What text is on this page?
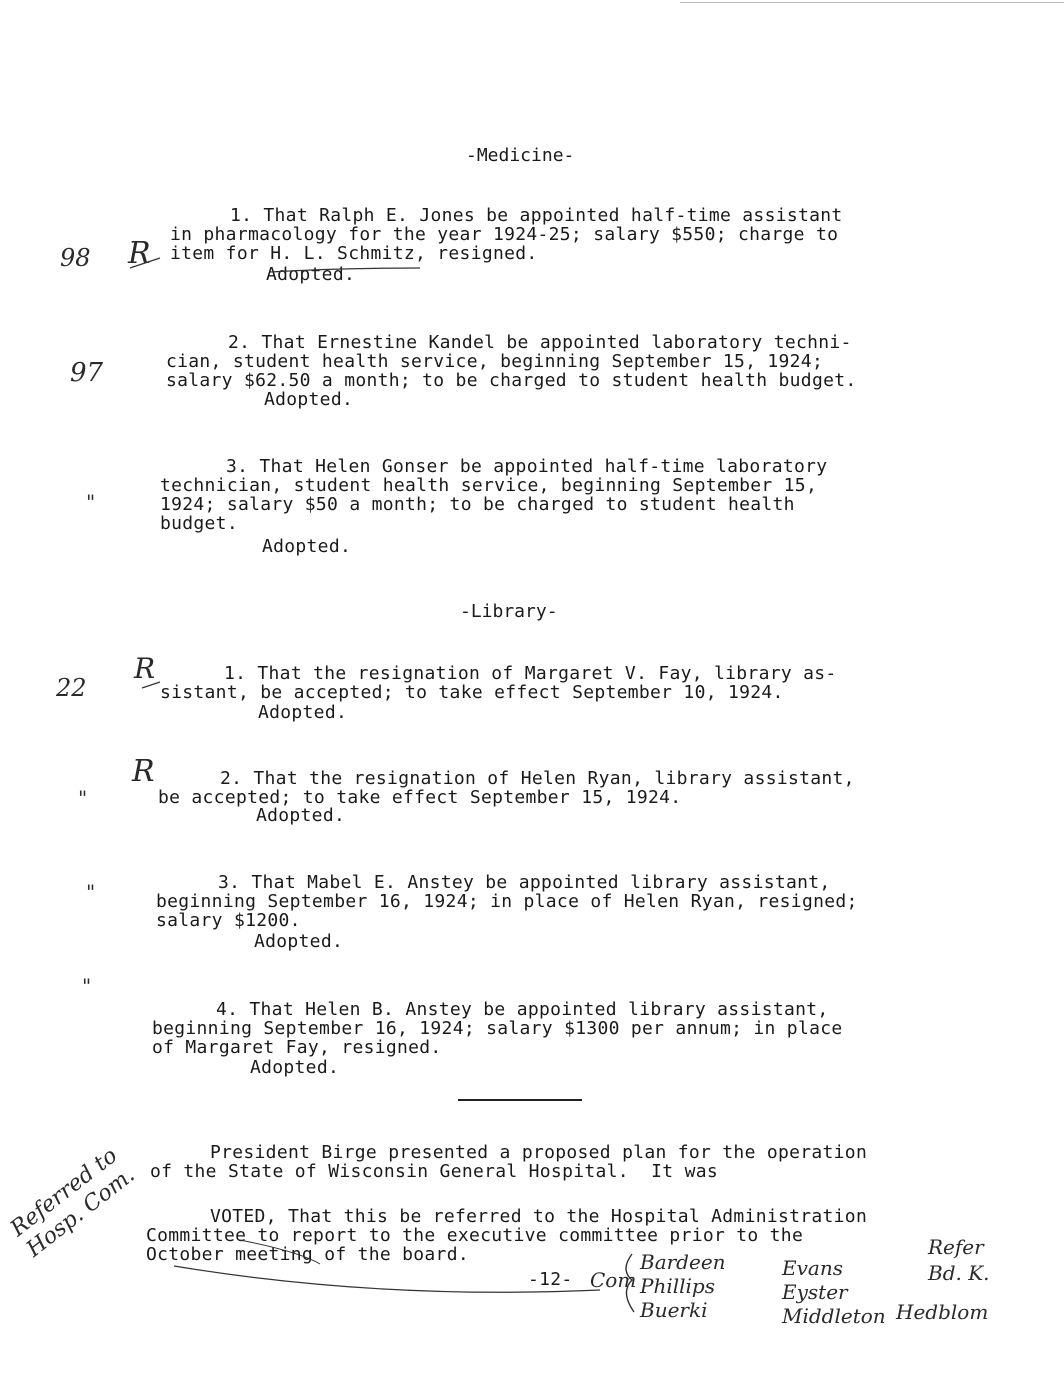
-Medicine-
1. That Ralph E. Jones be appointed half-time assistant
in pharmacology for the year 1924-25; salary $550; charge to
item for H. L. Schmitz, resigned.
Adopted.
2. That Ernestine Kandel be appointed laboratory techni-
cian, student health service, beginning September 15, 1924;
salary $62.50 a month; to be charged to student health budget.
Adopted.
3. That Helen Gonser be appointed half-time laboratory
technician, student health service, beginning September 15,
1924; salary $50 a month; to be charged to student health
budget.
Adopted.
-Library-
1. That the resignation of Margaret V. Fay, library as-
sistant, be accepted; to take effect September 10, 1924.
Adopted.
2. That the resignation of Helen Ryan, library assistant,
be accepted; to take effect September 15, 1924.
Adopted.
3. That Mabel E. Anstey be appointed library assistant,
beginning September 16, 1924; in place of Helen Ryan, resigned;
salary $1200.
Adopted.
4. That Helen B. Anstey be appointed library assistant,
beginning September 16, 1924; salary $1300 per annum; in place
of Margaret Fay, resigned.
Adopted.
President Birge presented a proposed plan for the operation
of the State of Wisconsin General Hospital.  It was
VOTED, That this be referred to the Hospital Administration
Committee to report to the executive committee prior to the
October meeting of the board.
-12-
98 R
97
"
22
R
R
"
"
"
Referred to
Hosp. Com.
Com
Bardeen
Phillips
Buerki
Evans
Eyster
Middleton
Refer
Bd. K.
Hedblom
